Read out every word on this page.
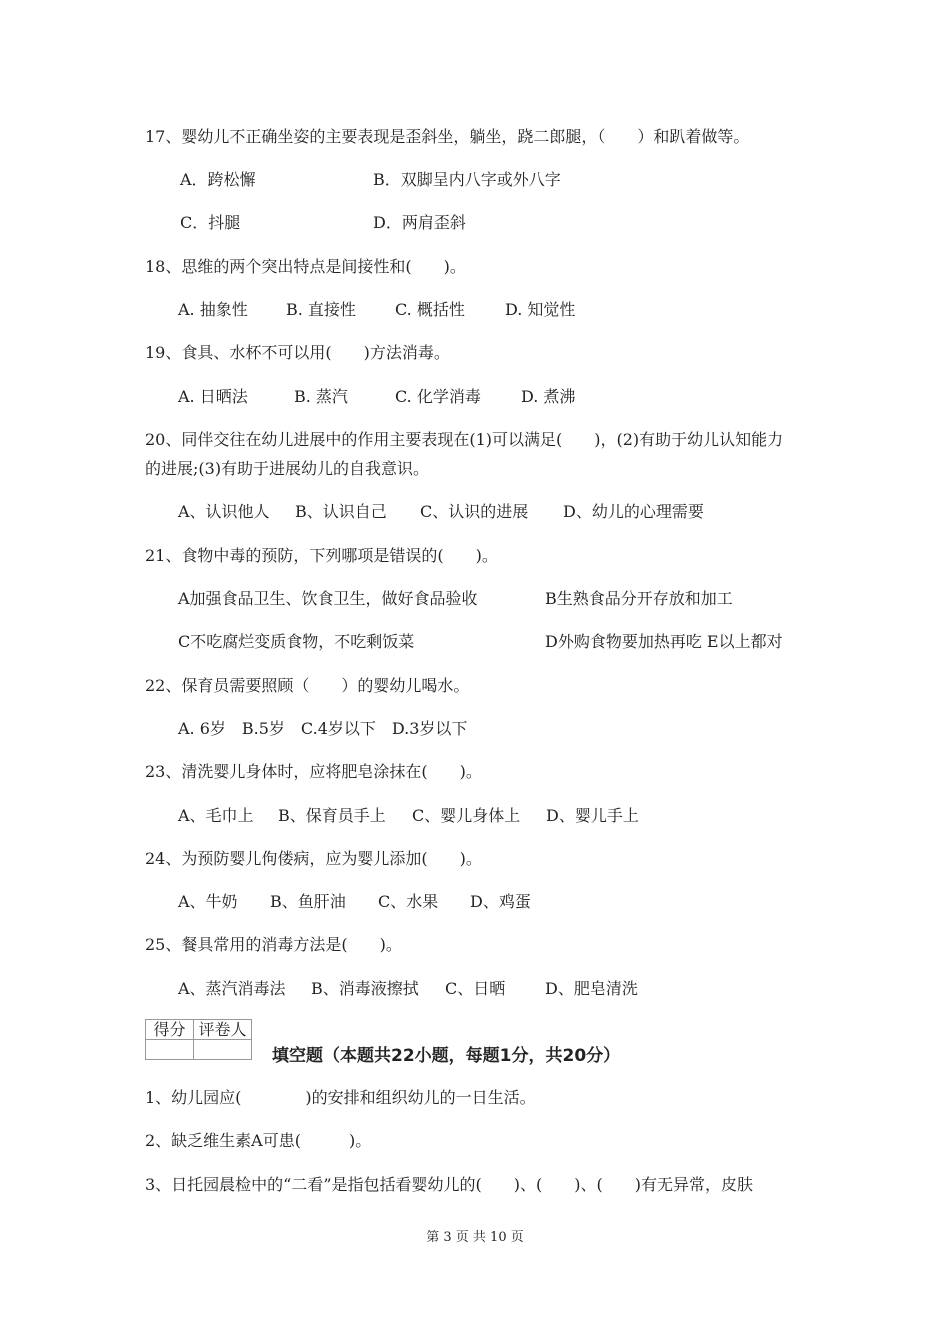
17、婴幼儿不正确坐姿的主要表现是歪斜坐，躺坐，跷二郎腿，（　　）和趴着做等。
A．跨松懈	B．双脚呈内八字或外八字
C．抖腿	D．两肩歪斜
18、思维的两个突出特点是间接性和(　　)。
A. 抽象性 B. 直接性 C. 概括性	D. 知觉性
19、食具、水杯不可以用(　　)方法消毒。
A. 日晒法	B. 蒸汽	C. 化学消毒	D. 煮沸
20、同伴交往在幼儿进展中的作用主要表现在(1)可以满足(　　)，(2)有助于幼儿认知能力
的进展;(3)有助于进展幼儿的自我意识。
A、认识他人 B、认识自己 C、认识的进展 D、幼儿的心理需要
21、食物中毒的预防，下列哪项是错误的(　　)。
A加强食品卫生、饮食卫生，做好食品验收	B生熟食品分开存放和加工
C不吃腐烂变质食物，不吃剩饭菜	D外购食物要加热再吃 E以上都对
22、保育员需要照顾（　　）的婴幼儿喝水。
A. 6岁　B.5岁　C.4岁以下　D.3岁以下
23、清洗婴儿身体时，应将肥皂涂抹在(　　)。
A、毛巾上 B、保育员手上 C、婴儿身体上 D、婴儿手上
24、为预防婴儿佝偻病，应为婴儿添加(　　)。
A、牛奶 B、鱼肝油 C、水果 D、鸡蛋
25、餐具常用的消毒方法是(　　)。
A、蒸汽消毒法 B、消毒液擦拭 C、日晒 D、肥皂清洗
得分	评卷人

填空题（本题共22小题，每题1分，共20分）
1、幼儿园应(　　　　)的安排和组织幼儿的一日生活。
2、缺乏维生素A可患(　　　)。
3、日托园晨检中的“二看”是指包括看婴幼儿的(　　)、(　　)、(　　)有无异常，皮肤
第 3 页 共 10 页
